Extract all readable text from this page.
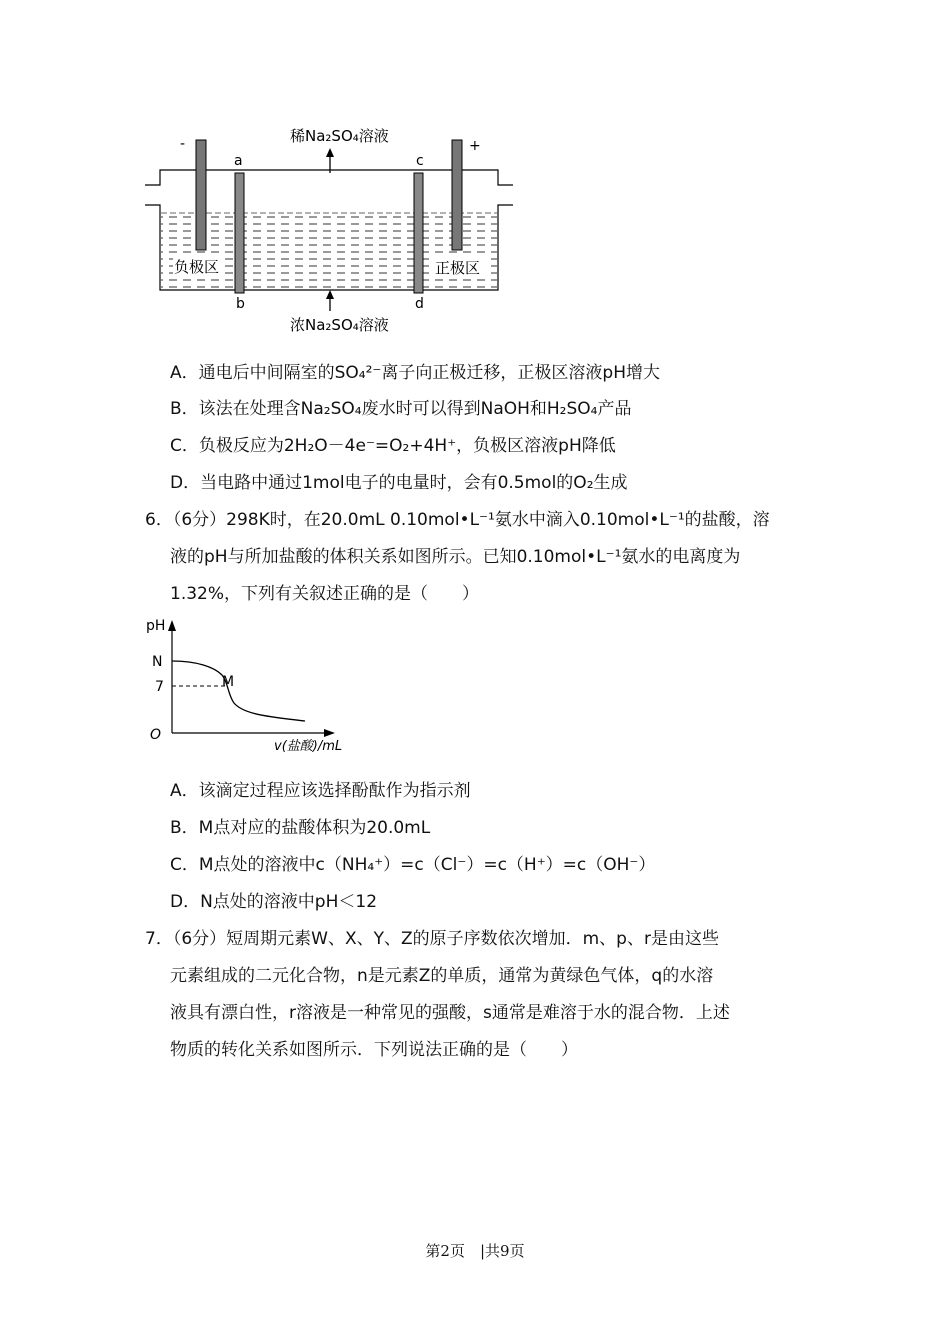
稀Na₂SO₄溶液
浓Na₂SO₄溶液
-	+
a
b
c
d
负极区	正极区
A．通电后中间隔室的SO₄²⁻离子向正极迁移，正极区溶液pH增大
B．该法在处理含Na₂SO₄废水时可以得到NaOH和H₂SO₄产品
C．负极反应为2H₂O－4e⁻=O₂+4H⁺，负极区溶液pH降低
D．当电路中通过1mol电子的电量时，会有0.5mol的O₂生成
6．（6分）298K时，在20.0mL 0.10mol•L⁻¹氨水中滴入0.10mol•L⁻¹的盐酸，溶
液的pH与所加盐酸的体积关系如图所示。已知0.10mol•L⁻¹氨水的电离度为
1.32%，下列有关叙述正确的是（　　）
pH
N
7	M
O
v(盐酸)/mL
A．该滴定过程应该选择酚酞作为指示剂
B．M点对应的盐酸体积为20.0mL
C．M点处的溶液中c（NH₄⁺）=c（Cl⁻）=c（H⁺）=c（OH⁻）
D．N点处的溶液中pH＜12
7．（6分）短周期元素W、X、Y、Z的原子序数依次增加．m、p、r是由这些
元素组成的二元化合物，n是元素Z的单质，通常为黄绿色气体，q的水溶
液具有漂白性，r溶液是一种常见的强酸，s通常是难溶于水的混合物．上述
物质的转化关系如图所示．下列说法正确的是（　　）
第2页　|共9页
